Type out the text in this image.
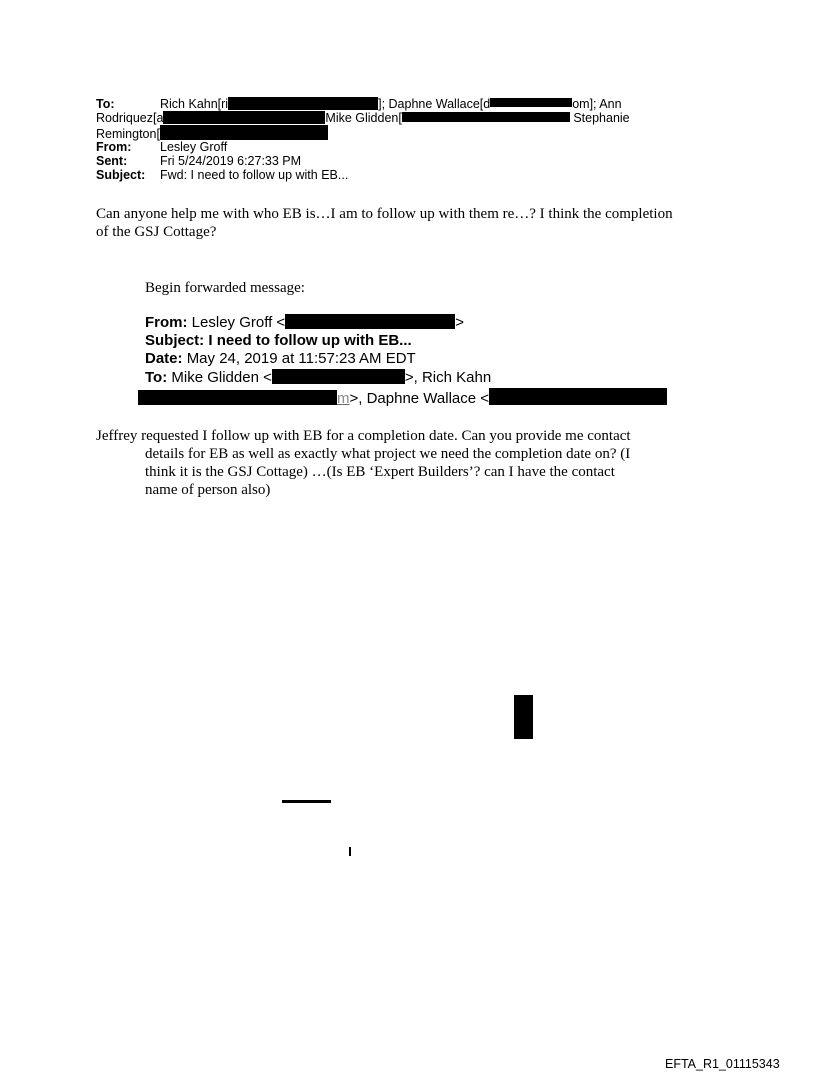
To:	Rich Kahn[ri	]; Daphne Wallace[d	om]; Ann
Rodriquez[a	Mike Glidden[	Stephanie
Remington[
From: Lesley Groff
Sent:	Fri 5/24/2019 6:27:33 PM
Subject: Fwd: I need to follow up with EB...
Can anyone help me with who EB is…I am to follow up with them re…? I think the completion
of the GSJ Cottage?
Begin forwarded message:
From: Lesley Groff <	>
Subject: I need to follow up with EB...
Date: May 24, 2019 at 11:57:23 AM EDT
To: Mike Glidden <	>, Rich Kahn
m>, Daphne Wallace <
Jeffrey requested I follow up with EB for a completion date. Can you provide me contact
details for EB as well as exactly what project we need the completion date on? (I
think it is the GSJ Cottage) …(Is EB ‘Expert Builders’? can I have the contact
name of person also)
EFTA_R1_01115343
